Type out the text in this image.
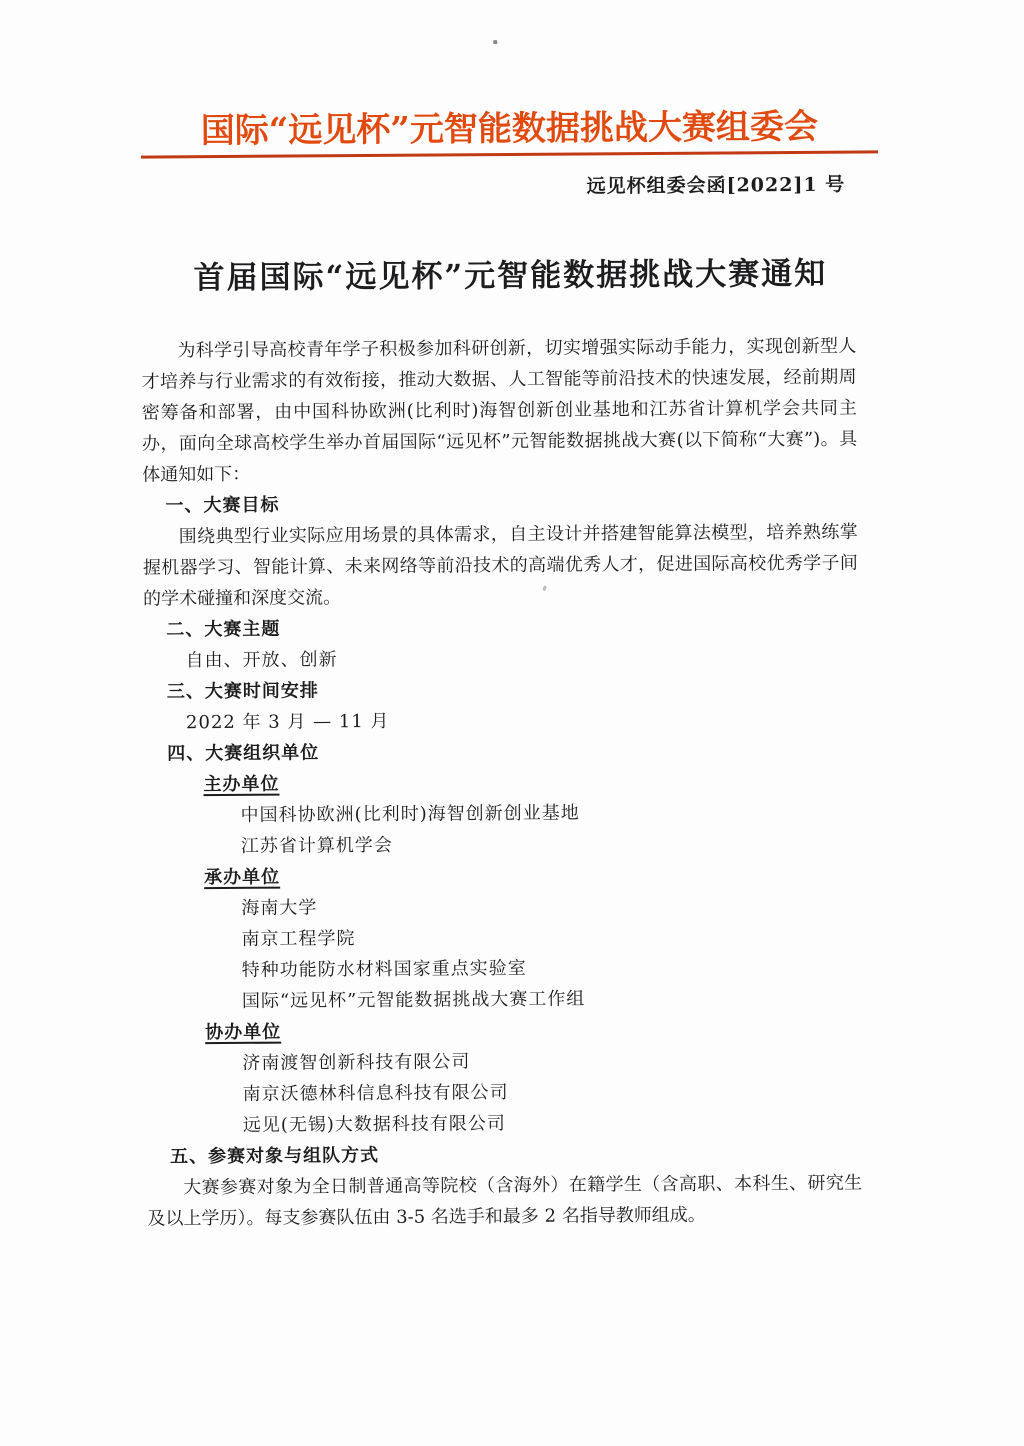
国际“远见杯”元智能数据挑战大赛组委会
远见杯组委会函[2022]1 号
首届国际“远见杯”元智能数据挑战大赛通知
为科学引导高校青年学子积极参加科研创新，切实增强实际动手能力，实现创新型人才培养与行业需求的有效衔接，推动大数据、人工智能等前沿技术的快速发展，经前期周密筹备和部署，由中国科协欧洲(比利时)海智创新创业基地和江苏省计算机学会共同主办，面向全球高校学生举办首届国际“远见杯”元智能数据挑战大赛(以下简称“大赛”)。具体通知如下：
一、大赛目标
围绕典型行业实际应用场景的具体需求，自主设计并搭建智能算法模型，培养熟练掌握机器学习、智能计算、未来网络等前沿技术的高端优秀人才，促进国际高校优秀学子间的学术碰撞和深度交流。
二、大赛主题
自由、开放、创新
三、大赛时间安排
2022 年 3 月 — 11 月
四、大赛组织单位
主办单位
中国科协欧洲(比利时)海智创新创业基地
江苏省计算机学会
承办单位
海南大学
南京工程学院
特种功能防水材料国家重点实验室
国际“远见杯”元智能数据挑战大赛工作组
协办单位
济南渡智创新科技有限公司
南京沃德林科信息科技有限公司
远见(无锡)大数据科技有限公司
五、参赛对象与组队方式
大赛参赛对象为全日制普通高等院校（含海外）在籍学生（含高职、本科生、研究生及以上学历）。每支参赛队伍由 3-5 名选手和最多 2 名指导教师组成。
